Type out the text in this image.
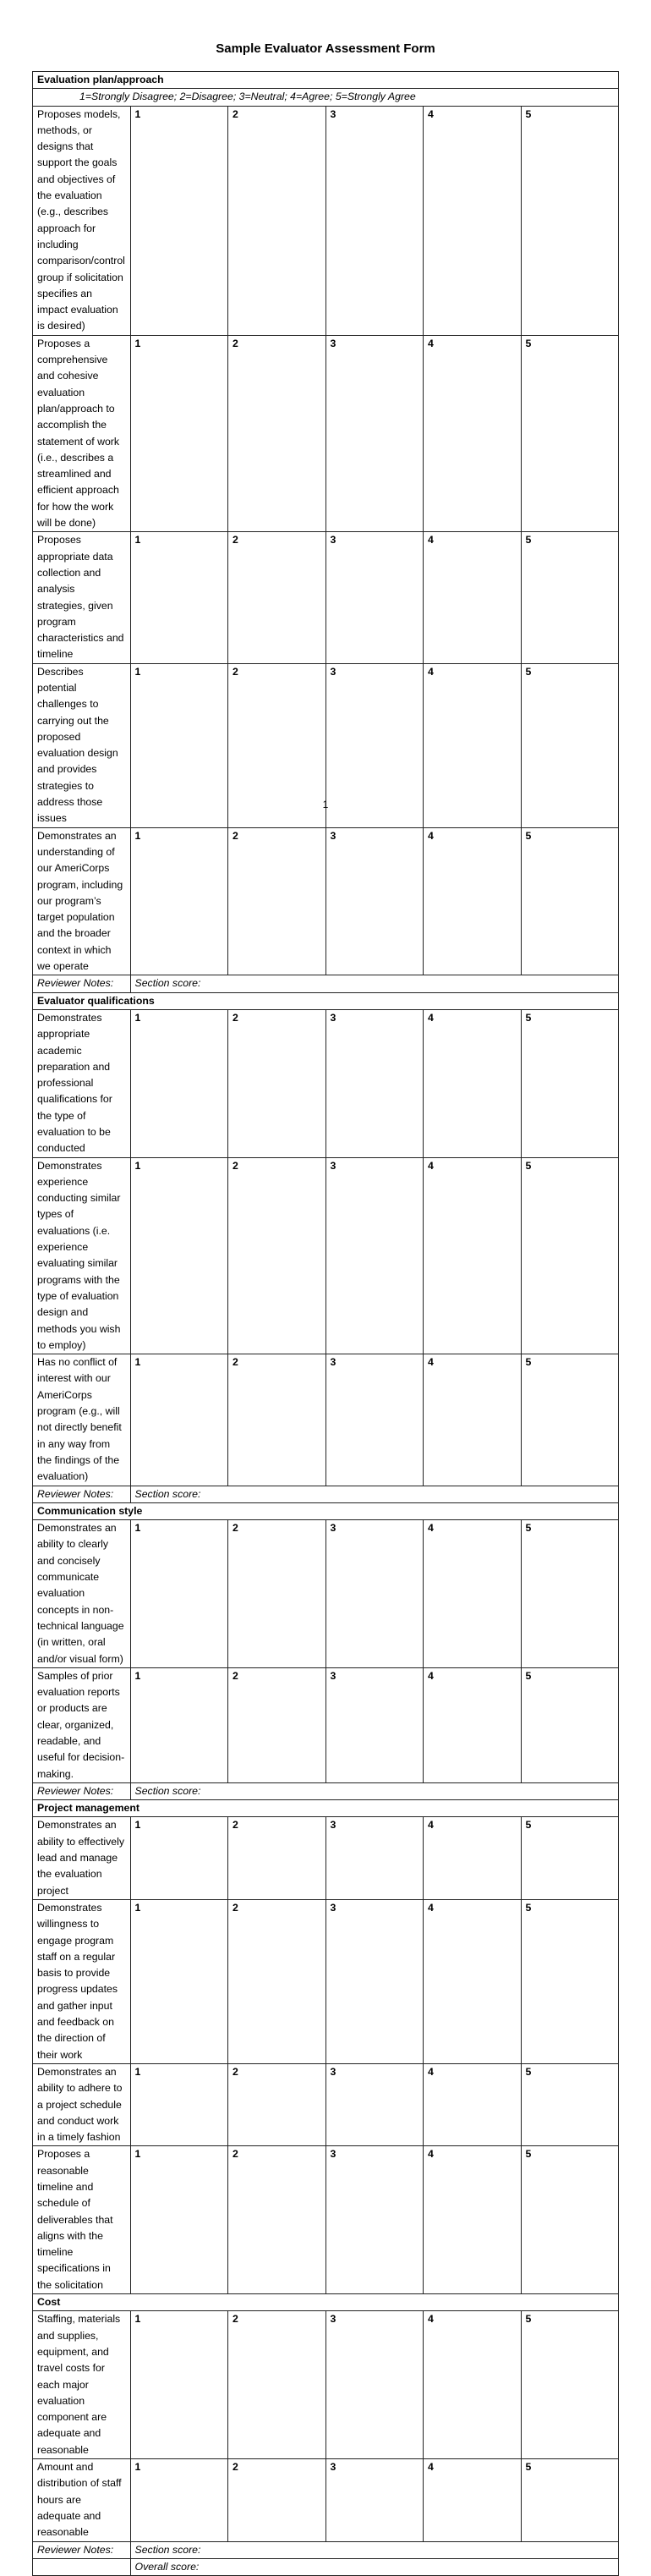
Sample Evaluator Assessment Form
Evaluation plan/approach					
1=Strongly Disagree; 2=Disagree; 3=Neutral; 4=Agree; 5=Strongly Agree					
Proposes models, methods, or designs that support the goals and objectives of the evaluation (e.g., describes approach for including comparison/control group if solicitation specifies an impact evaluation is desired)	1	2	3	4	5
Proposes a comprehensive and cohesive evaluation plan/approach to accomplish the statement of work (i.e., describes a streamlined and efficient approach for how the work will be done)	1	2	3	4	5
Proposes appropriate data collection and analysis strategies, given program characteristics and timeline	1	2	3	4	5
Describes potential challenges to carrying out the proposed evaluation design and provides strategies to address those issues	1	2	3	4	5
Demonstrates an understanding of our AmeriCorps program, including our program’s target population and the broader context in which we operate	1	2	3	4	5
Reviewer Notes:	Section score:				
Evaluator qualifications					
Demonstrates appropriate academic preparation and professional qualifications for the type of evaluation to be conducted	1	2	3	4	5
Demonstrates experience conducting similar types of evaluations (i.e. experience evaluating similar programs with the type of evaluation design and methods you wish to employ)	1	2	3	4	5
Has no conflict of interest with our AmeriCorps program (e.g., will not directly benefit in any way from the findings of the evaluation)	1	2	3	4	5
Reviewer Notes:	Section score:				
Communication style					
Demonstrates an ability to clearly and concisely communicate evaluation concepts in non-technical language (in written, oral and/or visual form)	1	2	3	4	5
Samples of prior evaluation reports or products are clear, organized, readable, and useful for decision-making.	1	2	3	4	5
Reviewer Notes:	Section score:				
Project management					
Demonstrates an ability to effectively lead and manage the evaluation project	1	2	3	4	5
Demonstrates willingness to engage program staff on a regular basis to provide progress updates and gather input and feedback on the direction of their work	1	2	3	4	5
Demonstrates an ability to adhere to a project schedule and conduct work in a timely fashion	1	2	3	4	5
Proposes a reasonable timeline and schedule of deliverables that aligns with the timeline specifications in the solicitation	1	2	3	4	5
Cost					
Staffing, materials and supplies, equipment, and travel costs for each major evaluation component are adequate and reasonable	1	2	3	4	5
Amount and distribution of staff hours are adequate and reasonable	1	2	3	4	5
Reviewer Notes:	Section score:				
	Overall score:				
1
